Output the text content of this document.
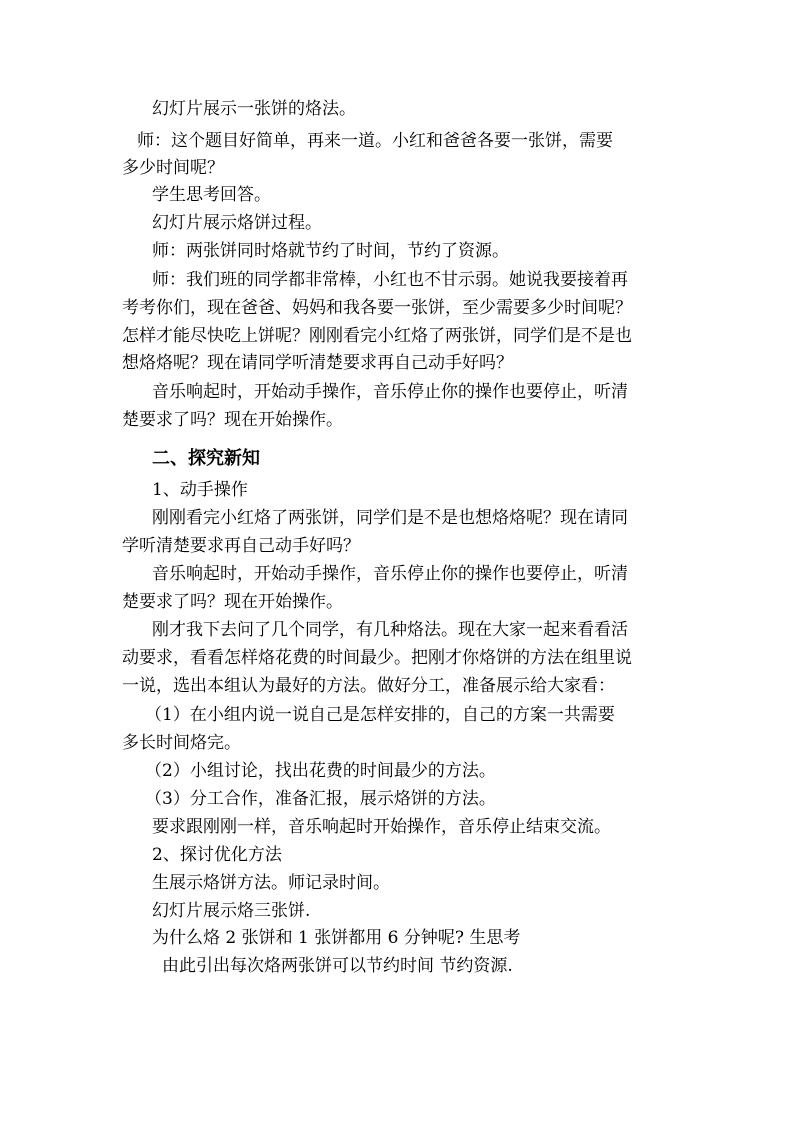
幻灯片展示一张饼的烙法。
师：这个题目好简单，再来一道。小红和爸爸各要一张饼，需要
多少时间呢？
学生思考回答。
幻灯片展示烙饼过程。
师：两张饼同时烙就节约了时间，节约了资源。
师：我们班的同学都非常棒，小红也不甘示弱。她说我要接着再
考考你们，现在爸爸、妈妈和我各要一张饼，至少需要多少时间呢？
怎样才能尽快吃上饼呢？刚刚看完小红烙了两张饼，同学们是不是也
想烙烙呢？现在请同学听清楚要求再自己动手好吗？
音乐响起时，开始动手操作，音乐停止你的操作也要停止，听清
楚要求了吗？现在开始操作。
二、探究新知
1、动手操作
刚刚看完小红烙了两张饼，同学们是不是也想烙烙呢？现在请同
学听清楚要求再自己动手好吗？
音乐响起时，开始动手操作，音乐停止你的操作也要停止，听清
楚要求了吗？现在开始操作。
刚才我下去问了几个同学，有几种烙法。现在大家一起来看看活
动要求，看看怎样烙花费的时间最少。把刚才你烙饼的方法在组里说
一说，选出本组认为最好的方法。做好分工，准备展示给大家看：
（1）在小组内说一说自己是怎样安排的，自己的方案一共需要
多长时间烙完。
（2）小组讨论，找出花费的时间最少的方法。
（3）分工合作，准备汇报，展示烙饼的方法。
要求跟刚刚一样，音乐响起时开始操作，音乐停止结束交流。
2、探讨优化方法
生展示烙饼方法。师记录时间。
幻灯片展示烙三张饼.
为什么烙 2 张饼和 1 张饼都用 6 分钟呢? 生思考
由此引出每次烙两张饼可以节约时间 节约资源.
